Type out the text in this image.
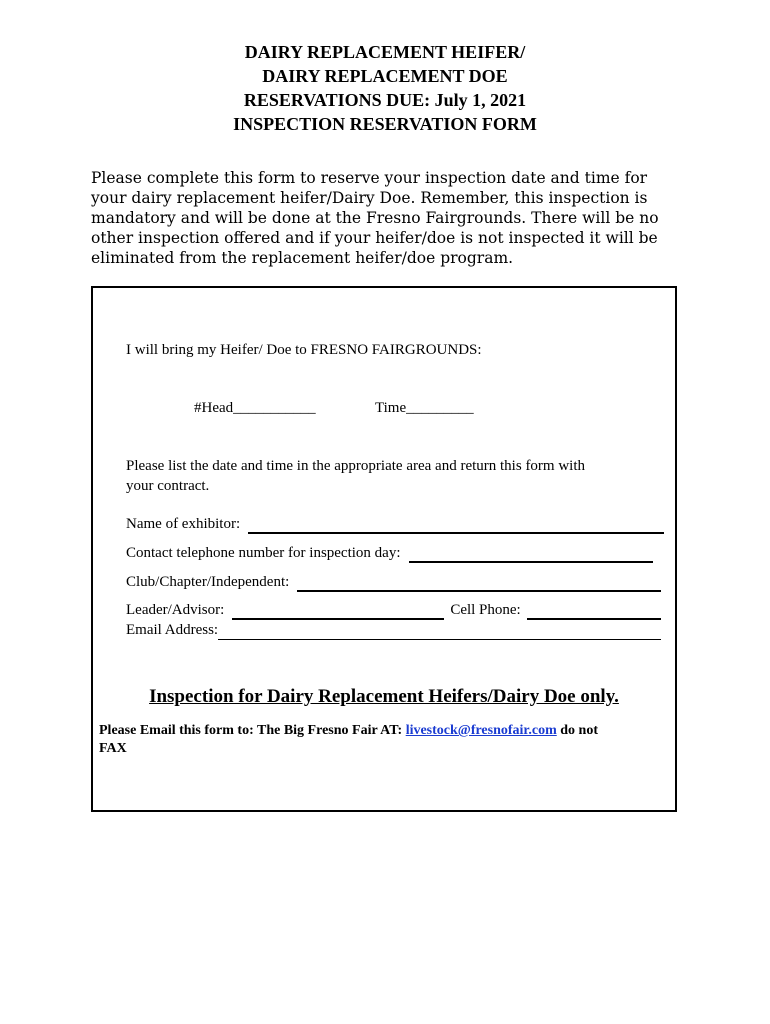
DAIRY REPLACEMENT HEIFER/
DAIRY REPLACEMENT DOE
RESERVATIONS DUE: July 1, 2021
INSPECTION RESERVATION FORM
Please complete this form to reserve your inspection date and time for
your dairy replacement heifer/Dairy Doe. Remember, this inspection is
mandatory and will be done at the Fresno Fairgrounds. There will be no
other inspection offered and if your heifer/doe is not inspected it will be
eliminated from the replacement heifer/doe program.
I will bring my Heifer/ Doe to FRESNO FAIRGROUNDS:
#Head___________	Time_________
Please list the date and time in the appropriate area and return this form with
your contract.
Name of exhibitor:
Contact telephone number for inspection day:
Club/Chapter/Independent:
Leader/Advisor:	Cell Phone:
Email Address:
Inspection for Dairy Replacement Heifers/Dairy Doe only.
Please Email this form to: The Big Fresno Fair AT: livestock@fresnofair.com do not
FAX
